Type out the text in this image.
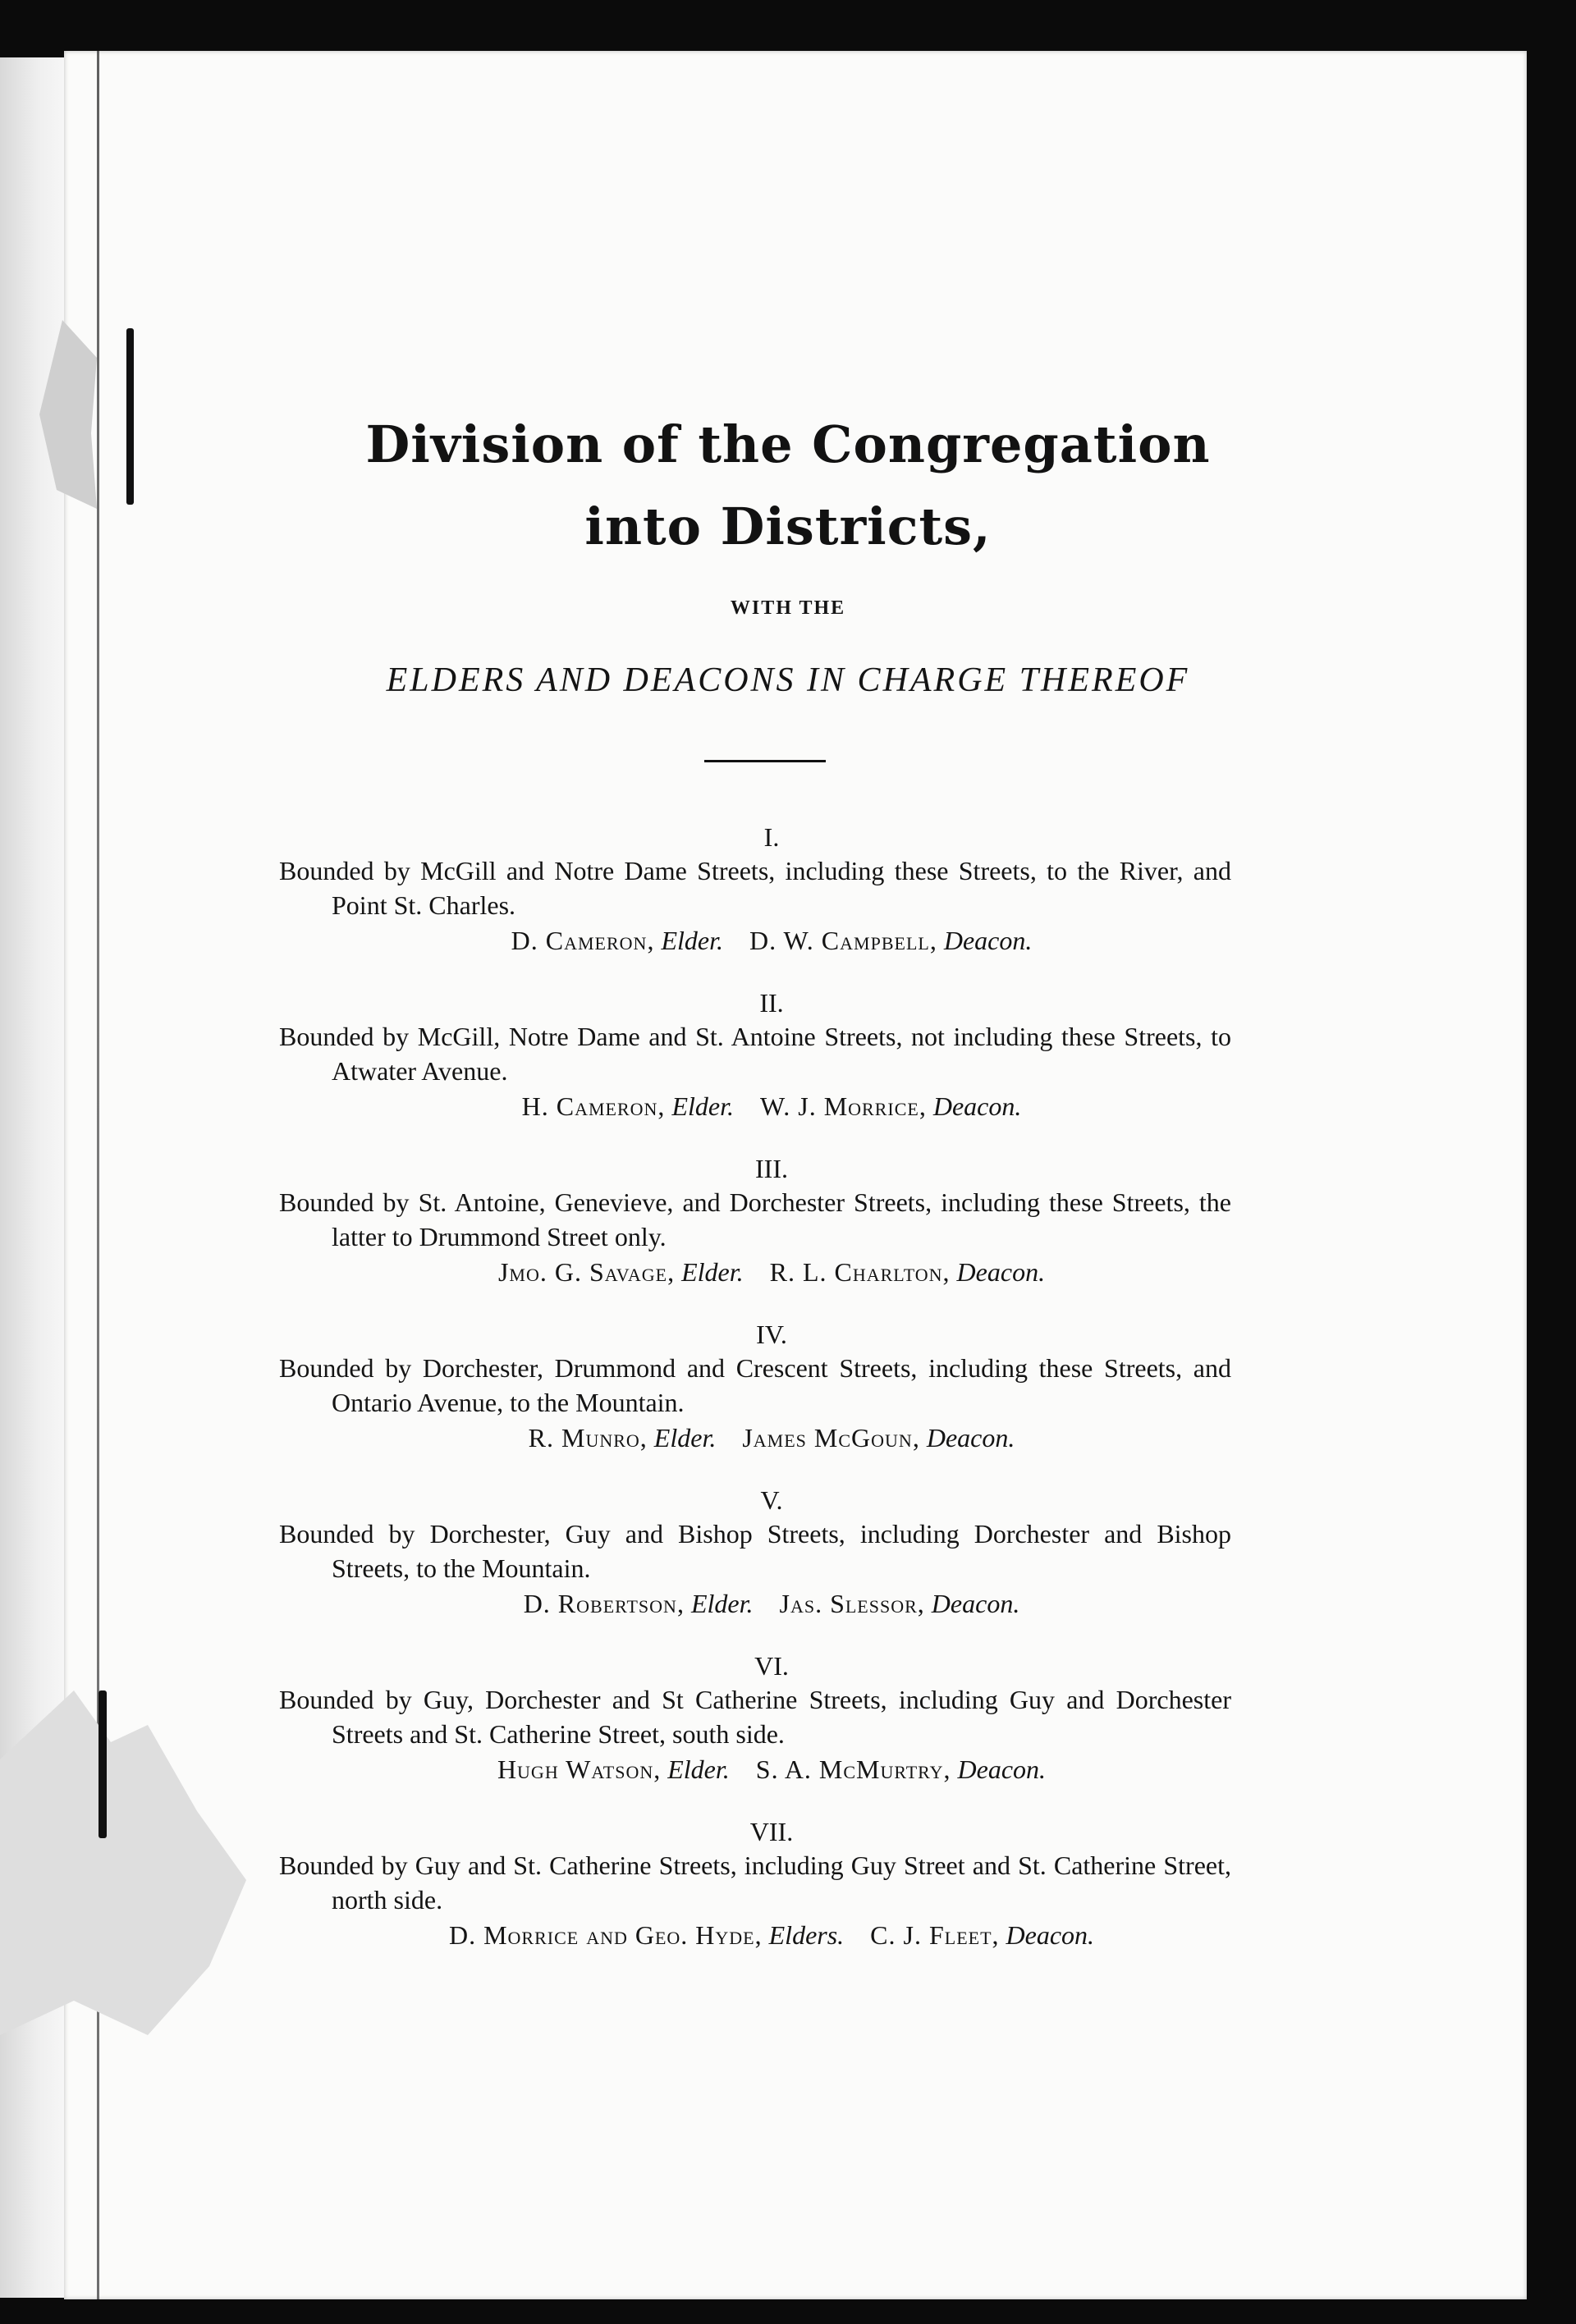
Division of the Congregation
into Districts,
WITH THE
ELDERS AND DEACONS IN CHARGE THEREOF
I.
Bounded by McGill and Notre Dame Streets, including these Streets, to the River, and Point St. Charles.
D. Cameron, Elder. D. W. Campbell, Deacon.
II.
Bounded by McGill, Notre Dame and St. Antoine Streets, not including these Streets, to Atwater Avenue.
H. Cameron, Elder. W. J. Morrice, Deacon.
III.
Bounded by St. Antoine, Genevieve, and Dorchester Streets, including these Streets, the latter to Drummond Street only.
Jmo. G. Savage, Elder. R. L. Charlton, Deacon.
IV.
Bounded by Dorchester, Drummond and Crescent Streets, including these Streets, and Ontario Avenue, to the Mountain.
R. Munro, Elder. James McGoun, Deacon.
V.
Bounded by Dorchester, Guy and Bishop Streets, including Dorchester and Bishop Streets, to the Mountain.
D. Robertson, Elder. Jas. Slessor, Deacon.
VI.
Bounded by Guy, Dorchester and St Catherine Streets, including Guy and Dorchester Streets and St. Catherine Street, south side.
Hugh Watson, Elder. S. A. McMurtry, Deacon.
VII.
Bounded by Guy and St. Catherine Streets, including Guy Street and St. Catherine Street, north side.
D. Morrice and Geo. Hyde, Elders. C. J. Fleet, Deacon.
